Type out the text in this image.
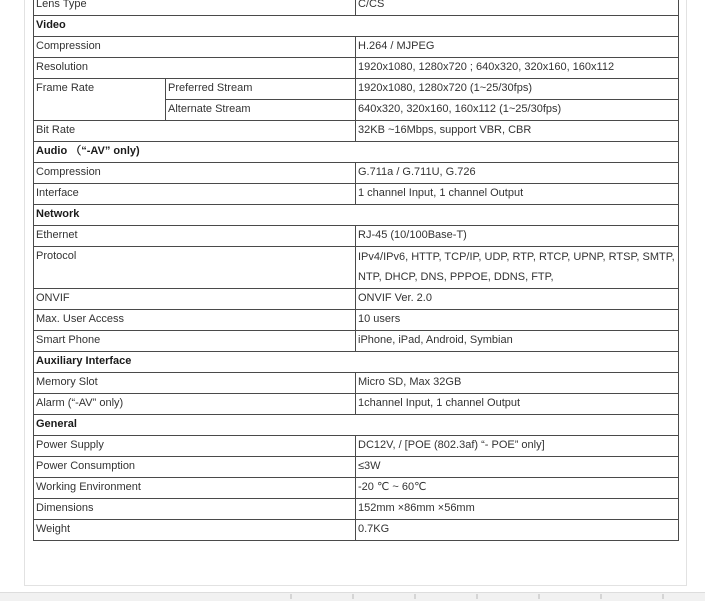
Lens Type		C/CS
Video		
Compression		H.264 / MJPEG
Resolution		1920x1080, 1280x720 ; 640x320, 320x160, 160x112
Frame Rate	Preferred Stream	1920x1080, 1280x720 (1~25/30fps)
	Alternate Stream	640x320, 320x160, 160x112 (1~25/30fps)
Bit Rate		32KB ~16Mbps, support VBR, CBR
Audio （“-AV” only)		
Compression		G.711a / G.711U, G.726
Interface		1 channel Input, 1 channel Output
Network		
Ethernet		RJ-45 (10/100Base-T)
Protocol		IPv4/IPv6, HTTP, TCP/IP, UDP, RTP, RTCP, UPNP, RTSP, SMTP, NTP, DHCP, DNS, PPPOE, DDNS, FTP,
ONVIF		ONVIF Ver. 2.0
Max. User Access		10 users
Smart Phone		iPhone, iPad, Android, Symbian
Auxiliary Interface		
Memory Slot		Micro SD, Max 32GB
Alarm (“-AV” only)		1channel Input, 1 channel Output
General		
Power Supply		DC12V, / [POE (802.3af) “- POE” only]
Power Consumption		≤3W
Working Environment		-20 ℃ ~ 60℃
Dimensions		152mm ×86mm ×56mm
Weight		0.7KG
